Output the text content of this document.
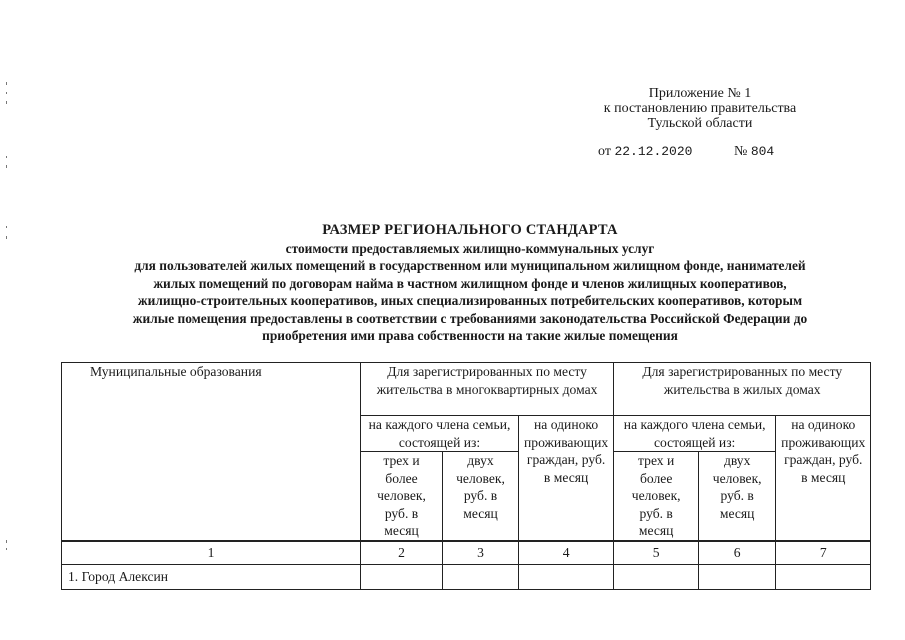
Приложение № 1
к постановлению правительства
Тульской области
от 22.12.2020	№ 804
РАЗМЕР РЕГИОНАЛЬНОГО СТАНДАРТА
стоимости предоставляемых жилищно-коммунальных услуг
для пользователей жилых помещений в государственном или муниципальном жилищном фонде, нанимателей
жилых помещений по договорам найма в частном жилищном фонде и членов жилищных кооперативов,
жилищно-строительных кооперативов, иных специализированных потребительских кооперативов, которым
жилые помещения предоставлены в соответствии с требованиями законодательства Российской Федерации до
приобретения ими права собственности на такие жилые помещения
Муниципальные образования	Для зарегистрированных по месту жительства в многоквартирных домах			Для зарегистрированных по месту жительства в жилых домах		
	на каждого члена семьи, состоящей из:		на одиноко проживающих граждан, руб. в месяц	на каждого члена семьи, состоящей из:		на одиноко проживающих граждан, руб. в месяц
	трех и более человек, руб. в месяц	двух человек, руб. в месяц		трех и более человек, руб. в месяц	двух человек, руб. в месяц	
1	2	3	4	5	6	7
1. Город Алексин						
